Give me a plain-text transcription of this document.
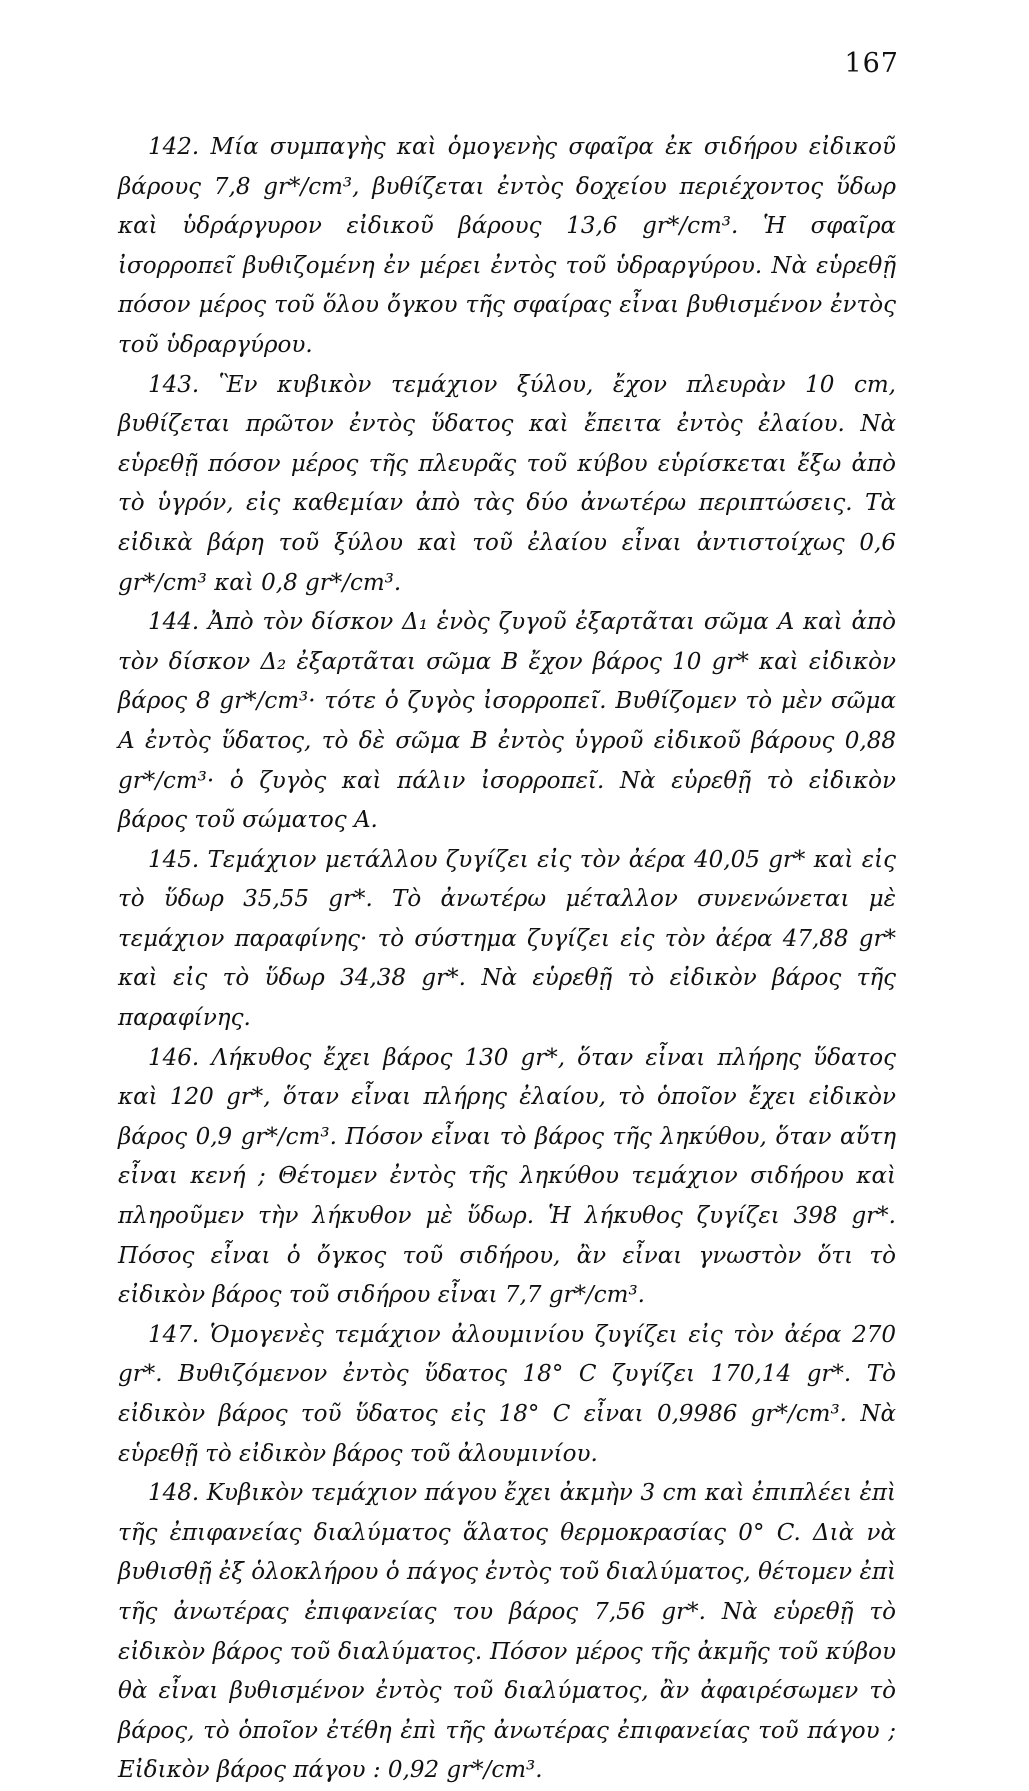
167

142. Μία συμπαγὴς καὶ ὁμογενὴς σφαῖρα ἐκ σιδήρου εἰδικοῦ βάρους 7,8 gr*/cm³, βυθίζεται ἐντὸς δοχείου περιέχοντος ὕδωρ καὶ ὑδράργυρον εἰδικοῦ βάρους 13,6 gr*/cm³. Ἡ σφαῖρα ἰσορροπεῖ βυθιζομένη ἐν μέρει ἐντὸς τοῦ ὑδραργύρου. Νὰ εὑρεθῇ πόσον μέρος τοῦ ὅλου ὄγκου τῆς σφαίρας εἶναι βυθισμένον ἐντὸς τοῦ ὑδραργύρου.

143. Ἓν κυβικὸν τεμάχιον ξύλου, ἔχον πλευρὰν 10 cm, βυθίζεται πρῶτον ἐντὸς ὕδατος καὶ ἔπειτα ἐντὸς ἐλαίου. Νὰ εὑρεθῇ πόσον μέρος τῆς πλευρᾶς τοῦ κύβου εὑρίσκεται ἔξω ἀπὸ τὸ ὑγρόν, εἰς καθεμίαν ἀπὸ τὰς δύο ἀνωτέρω περιπτώσεις. Τὰ εἰδικὰ βάρη τοῦ ξύλου καὶ τοῦ ἐλαίου εἶναι ἀντιστοίχως 0,6 gr*/cm³ καὶ 0,8 gr*/cm³.

144. Ἀπὸ τὸν δίσκον Δ₁ ἑνὸς ζυγοῦ ἐξαρτᾶται σῶμα Α καὶ ἀπὸ τὸν δίσκον Δ₂ ἐξαρτᾶται σῶμα Β ἔχον βάρος 10 gr* καὶ εἰδικὸν βάρος 8 gr*/cm³· τότε ὁ ζυγὸς ἰσορροπεῖ. Βυθίζομεν τὸ μὲν σῶμα Α ἐντὸς ὕδατος, τὸ δὲ σῶμα Β ἐντὸς ὑγροῦ εἰδικοῦ βάρους 0,88 gr*/cm³· ὁ ζυγὸς καὶ πάλιν ἰσορροπεῖ. Νὰ εὑρεθῇ τὸ εἰδικὸν βάρος τοῦ σώματος Α.

145. Τεμάχιον μετάλλου ζυγίζει εἰς τὸν ἀέρα 40,05 gr* καὶ εἰς τὸ ὕδωρ 35,55 gr*. Τὸ ἀνωτέρω μέταλλον συνενώνεται μὲ τεμάχιον παραφίνης· τὸ σύστημα ζυγίζει εἰς τὸν ἀέρα 47,88 gr* καὶ εἰς τὸ ὕδωρ 34,38 gr*. Νὰ εὑρεθῇ τὸ εἰδικὸν βάρος τῆς παραφίνης.

146. Λήκυθος ἔχει βάρος 130 gr*, ὅταν εἶναι πλήρης ὕδατος καὶ 120 gr*, ὅταν εἶναι πλήρης ἐλαίου, τὸ ὁποῖον ἔχει εἰδικὸν βάρος 0,9 gr*/cm³. Πόσον εἶναι τὸ βάρος τῆς ληκύθου, ὅταν αὕτη εἶναι κενή ; Θέτομεν ἐντὸς τῆς ληκύθου τεμάχιον σιδήρου καὶ πληροῦμεν τὴν λήκυθον μὲ ὕδωρ. Ἡ λήκυθος ζυγίζει 398 gr*. Πόσος εἶναι ὁ ὄγκος τοῦ σιδήρου, ἂν εἶναι γνωστὸν ὅτι τὸ εἰδικὸν βάρος τοῦ σιδήρου εἶναι 7,7 gr*/cm³.

147. Ὁμογενὲς τεμάχιον ἀλουμινίου ζυγίζει εἰς τὸν ἀέρα 270 gr*. Βυθιζόμενον ἐντὸς ὕδατος 18° C ζυγίζει 170,14 gr*. Τὸ εἰδικὸν βάρος τοῦ ὕδατος εἰς 18° C εἶναι 0,9986 gr*/cm³. Νὰ εὑρεθῇ τὸ εἰδικὸν βάρος τοῦ ἀλουμινίου.

148. Κυβικὸν τεμάχιον πάγου ἔχει ἀκμὴν 3 cm καὶ ἐπιπλέει ἐπὶ τῆς ἐπιφανείας διαλύματος ἅλατος θερμοκρασίας 0° C. Διὰ νὰ βυθισθῇ ἐξ ὁλοκλήρου ὁ πάγος ἐντὸς τοῦ διαλύματος, θέτομεν ἐπὶ τῆς ἀνωτέρας ἐπιφανείας του βάρος 7,56 gr*. Νὰ εὑρεθῇ τὸ εἰδικὸν βάρος τοῦ διαλύματος. Πόσον μέρος τῆς ἀκμῆς τοῦ κύβου θὰ εἶναι βυθισμένον ἐντὸς τοῦ διαλύματος, ἂν ἀφαιρέσωμεν τὸ βάρος, τὸ ὁποῖον ἐτέθη ἐπὶ τῆς ἀνωτέρας ἐπιφανείας τοῦ πάγου ; Εἰδικὸν βάρος πάγου : 0,92 gr*/cm³.
